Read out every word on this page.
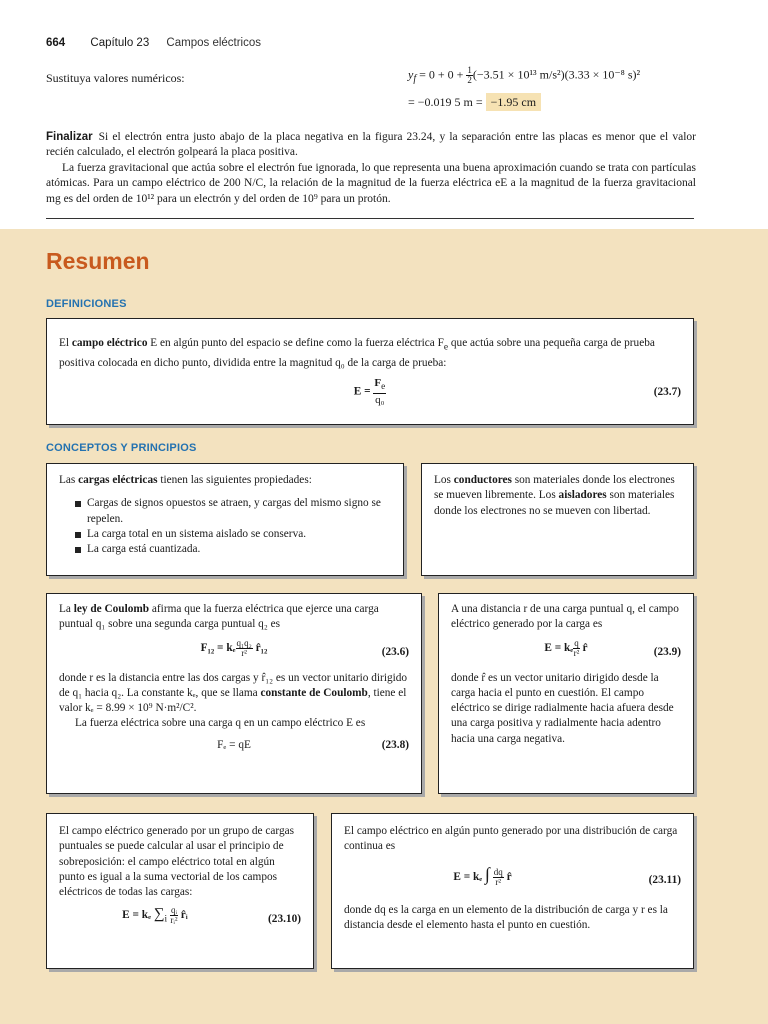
664 Capítulo 23 Campos eléctricos
Sustituya valores numéricos:	$y_f = 0 + 0 + \frac{1}{2} (-3.51 \times 10^{13}$ m/s²)(3.33 × 10⁻⁸ s)²
= −0.019 5 m = −1.95 cm

Finalizar Si el electrón entra justo abajo de la placa negativa en la figura 23.24, y la separación entre las placas es menor que el valor recién calculado, el electrón golpeará la placa positiva.

La fuerza gravitacional que actúa sobre el electrón fue ignorada, lo que representa una buena aproximación cuando se trata con partículas atómicas. Para un campo eléctrico de 200 N/C, la relación de la magnitud de la fuerza eléctrica eE a la magnitud de la fuerza gravitacional mg es del orden de 10¹² para un electrón y del orden de 10⁹ para un protón.

Resumen
DEFINICIONES

El campo eléctrico E en algún punto del espacio se define como la fuerza eléctrica $F_e$ que actúa sobre una pequeña carga de prueba positiva colocada en dicho punto, dividida entre la magnitud q₀ de la carga de prueba:

$E = \frac{F_e}{\text{q₀}}$	(23.7)
CONCEPTOS Y PRINCIPIOS

Las cargas eléctricas tienen las siguientes propiedades:

Cargas de signos opuestos se atraen, y cargas del mismo signo se repelen.
La carga total en un sistema aislado se conserva.
La carga está cuantizada.

Los conductores son materiales donde los electrones se mueven libremente. Los aisladores son materiales donde los electrones no se mueven con libertad.

La ley de Coulomb afirma que la fuerza eléctrica que ejerce una carga puntual q₁ sobre una segunda carga puntual q₂ es

F₁₂ = kₑ $\frac{\text{q₁q₂}}{\text{r²}}$ r̂₁₂	(23.6)

donde r es la distancia entre las dos cargas y r̂₁₂ es un vector unitario dirigido de q₁ hacia q₂. La constante kₑ, que se llama constante de Coulomb, tiene el valor kₑ = 8.99 × 10⁹ N·m²/C².

La fuerza eléctrica sobre una carga q en un campo eléctrico E es

Fₑ = qE	(23.8)

A una distancia r de una carga puntual q, el campo eléctrico generado por la carga es

E = kₑ $\frac{q}{\text{r²}}$ r̂	(23.9)

donde r̂ es un vector unitario dirigido desde la carga hacia el punto en cuestión. El campo eléctrico se dirige radialmente hacia afuera desde una carga positiva y radialmente hacia adentro hacia una carga negativa.

El campo eléctrico generado por un grupo de cargas puntuales se puede calcular al usar el principio de sobreposición: el campo eléctrico total en algún punto es igual a la suma vectorial de los campos eléctricos de todas las cargas:

E = kₑ $\sum_i \frac{\text{qᵢ}}{\text{rᵢ²}}$ r̂ᵢ	(23.10)

El campo eléctrico en algún punto generado por una distribución de carga continua es

E = kₑ ∫ $\frac{dq}{\text{r²}}$ r̂	(23.11)

donde dq es la carga en un elemento de la distribución de carga y r es la distancia desde el elemento hasta el punto en cuestión.
